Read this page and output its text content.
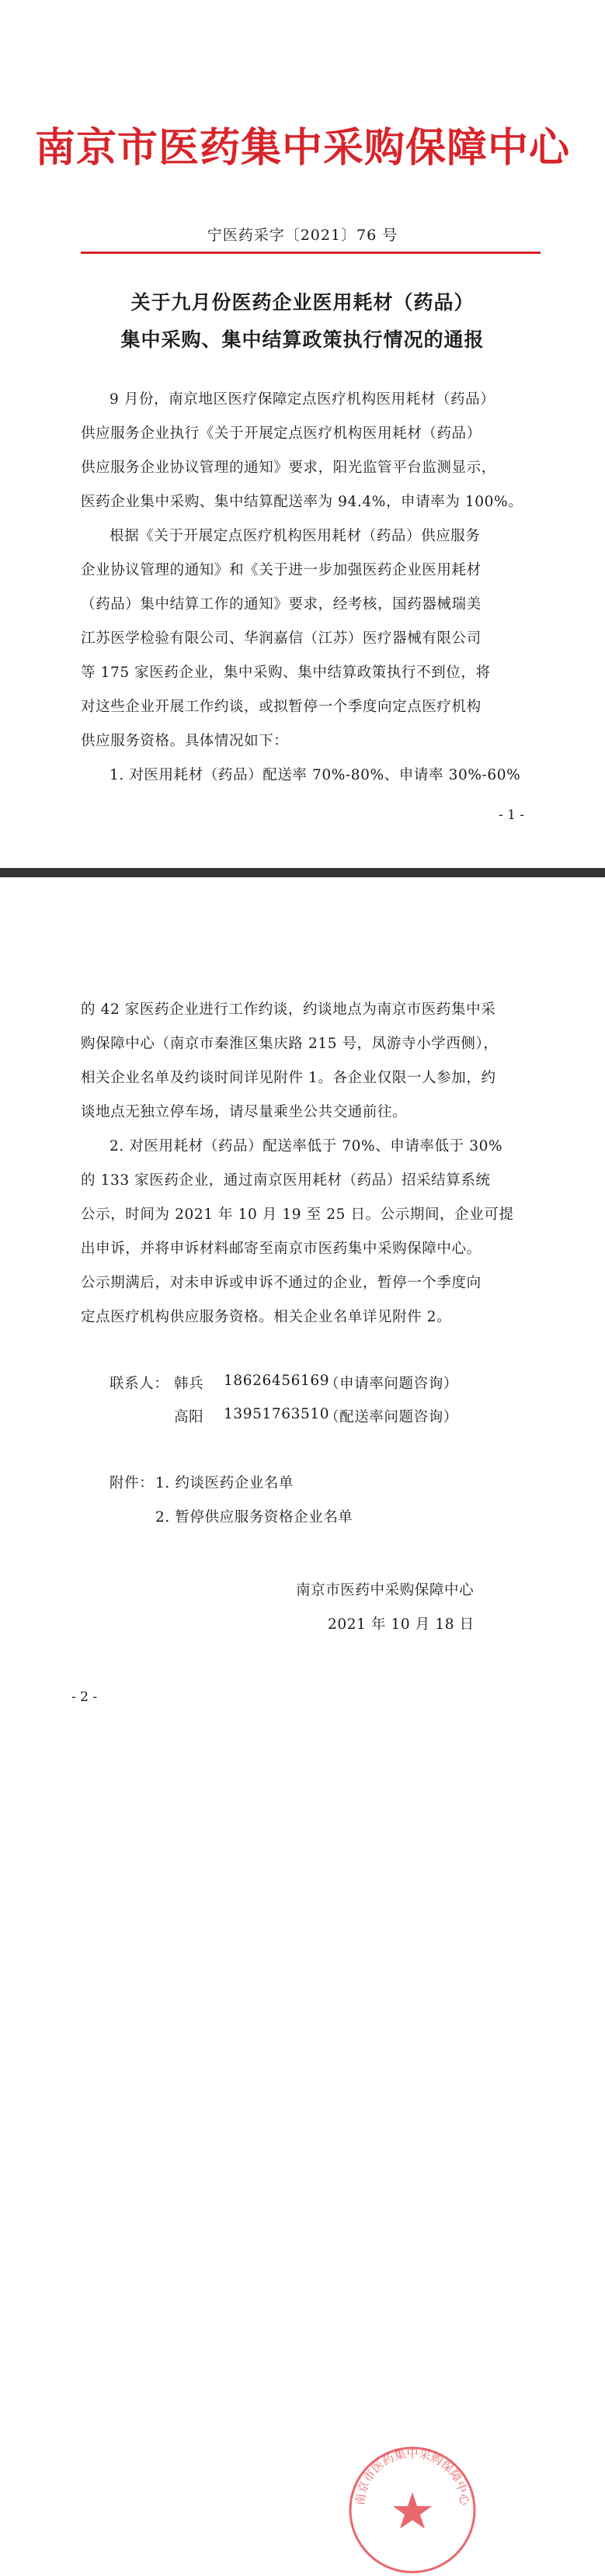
南京市医药集中采购保障中心
宁医药采字〔2021〕76 号
关于九月份医药企业医用耗材（药品）
集中采购、集中结算政策执行情况的通报

9 月份，南京地区医疗保障定点医疗机构医用耗材（药品）

供应服务企业执行《关于开展定点医疗机构医用耗材（药品）

供应服务企业协议管理的通知》要求，阳光监管平台监测显示，

医药企业集中采购、集中结算配送率为 94.4%，申请率为 100%。

根据《关于开展定点医疗机构医用耗材（药品）供应服务

企业协议管理的通知》和《关于进一步加强医药企业医用耗材

（药品）集中结算工作的通知》要求，经考核，国药器械瑞美

江苏医学检验有限公司、华润嘉信（江苏）医疗器械有限公司

等 175 家医药企业，集中采购、集中结算政策执行不到位，将

对这些企业开展工作约谈，或拟暂停一个季度向定点医疗机构

供应服务资格。具体情况如下：

1. 对医用耗材（药品）配送率 70%-80%、申请率 30%-60%

- 1 -

的 42 家医药企业进行工作约谈，约谈地点为南京市医药集中采

购保障中心（南京市秦淮区集庆路 215 号，凤游寺小学西侧），

相关企业名单及约谈时间详见附件 1。各企业仅限一人参加，约

谈地点无独立停车场，请尽量乘坐公共交通前往。

2. 对医用耗材（药品）配送率低于 70%、申请率低于 30%

的 133 家医药企业，通过南京医用耗材（药品）招采结算系统

公示，时间为 2021 年 10 月 19 至 25 日。公示期间，企业可提

出申诉，并将申诉材料邮寄至南京市医药集中采购保障中心。

公示期满后，对未申诉或申诉不通过的企业，暂停一个季度向

定点医疗机构供应服务资格。相关企业名单详见附件 2。

联系人： 韩兵 18626456169

（申请率问题咨询）

高阳 13951763510

（配送率问题咨询）

附件： 1. 约谈医药企业名单

2. 暂停供应服务资格企业名单

南京市医药集中采购保障中心

南京市医药中采购保障中心

2021 年 10 月 18 日

- 2 -
